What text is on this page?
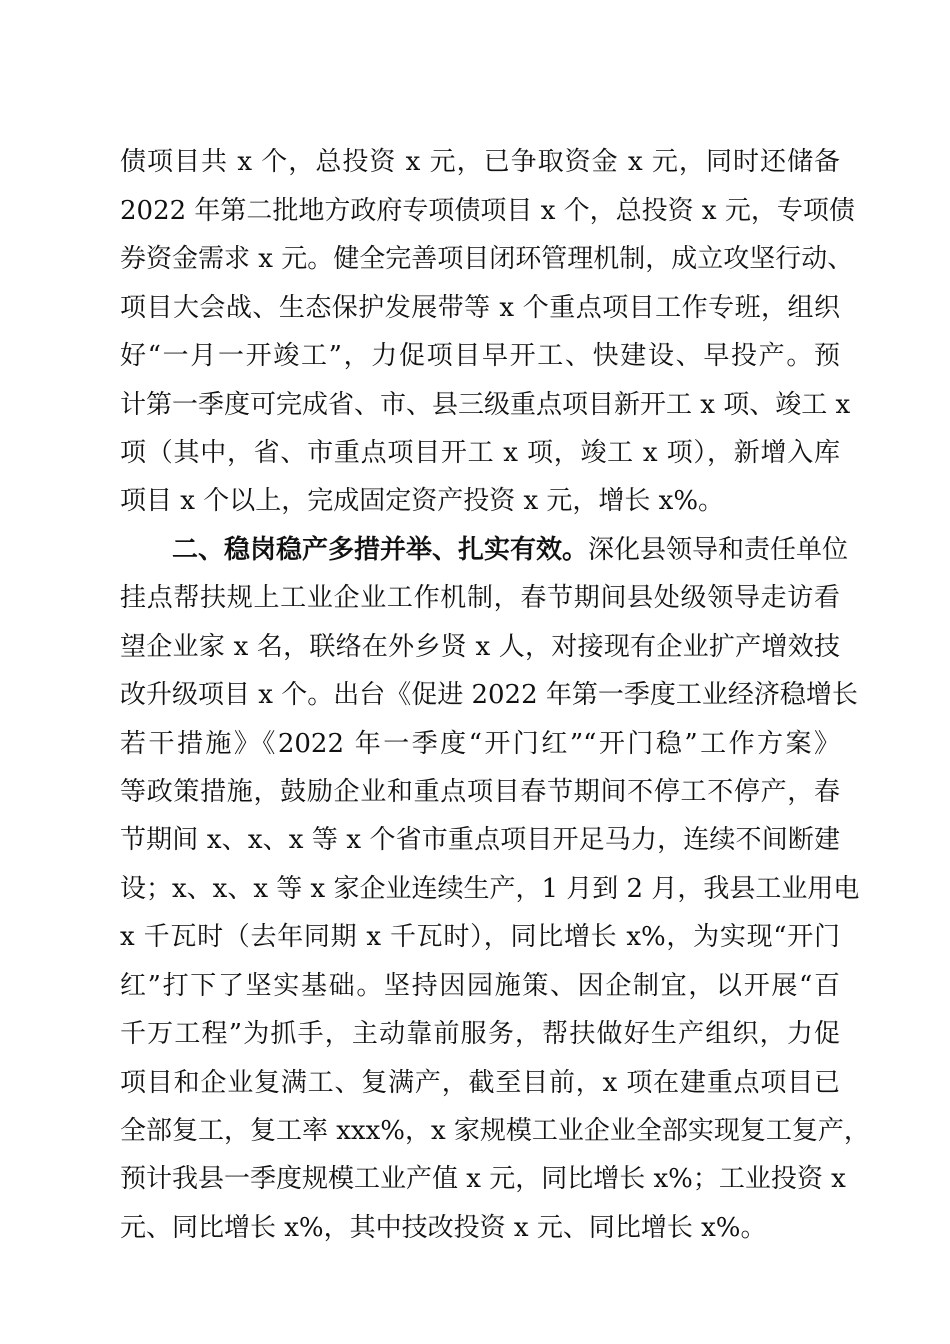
债项目共 x 个，总投资 x 元，已争取资金 x 元，同时还储备
2022 年第二批地方政府专项债项目 x 个，总投资 x 元，专项债
券资金需求 x 元。健全完善项目闭环管理机制，成立攻坚行动、
项目大会战、生态保护发展带等 x 个重点项目工作专班，组织
好“一月一开竣工”，力促项目早开工、快建设、早投产。预
计第一季度可完成省、市、县三级重点项目新开工 x 项、竣工 x
项（其中，省、市重点项目开工 x 项，竣工 x 项），新增入库
项目 x 个以上，完成固定资产投资 x 元，增长 x%。
二、稳岗稳产多措并举、扎实有效。深化县领导和责任单位
挂点帮扶规上工业企业工作机制，春节期间县处级领导走访看
望企业家 x 名，联络在外乡贤 x 人，对接现有企业扩产增效技
改升级项目 x 个。出台《促进 2022 年第一季度工业经济稳增长
若干措施》《2022 年一季度“开门红”“开门稳”工作方案》
等政策措施，鼓励企业和重点项目春节期间不停工不停产，春
节期间 x、x、x 等 x 个省市重点项目开足马力，连续不间断建
设；x、x、x 等 x 家企业连续生产，1 月到 2 月，我县工业用电
x 千瓦时（去年同期 x 千瓦时），同比增长 x%，为实现“开门
红”打下了坚实基础。坚持因园施策、因企制宜，以开展“百
千万工程”为抓手，主动靠前服务，帮扶做好生产组织，力促
项目和企业复满工、复满产，截至目前，x 项在建重点项目已
全部复工，复工率 xxx%，x 家规模工业企业全部实现复工复产，
预计我县一季度规模工业产值 x 元，同比增长 x%；工业投资 x
元、同比增长 x%，其中技改投资 x 元、同比增长 x%。
